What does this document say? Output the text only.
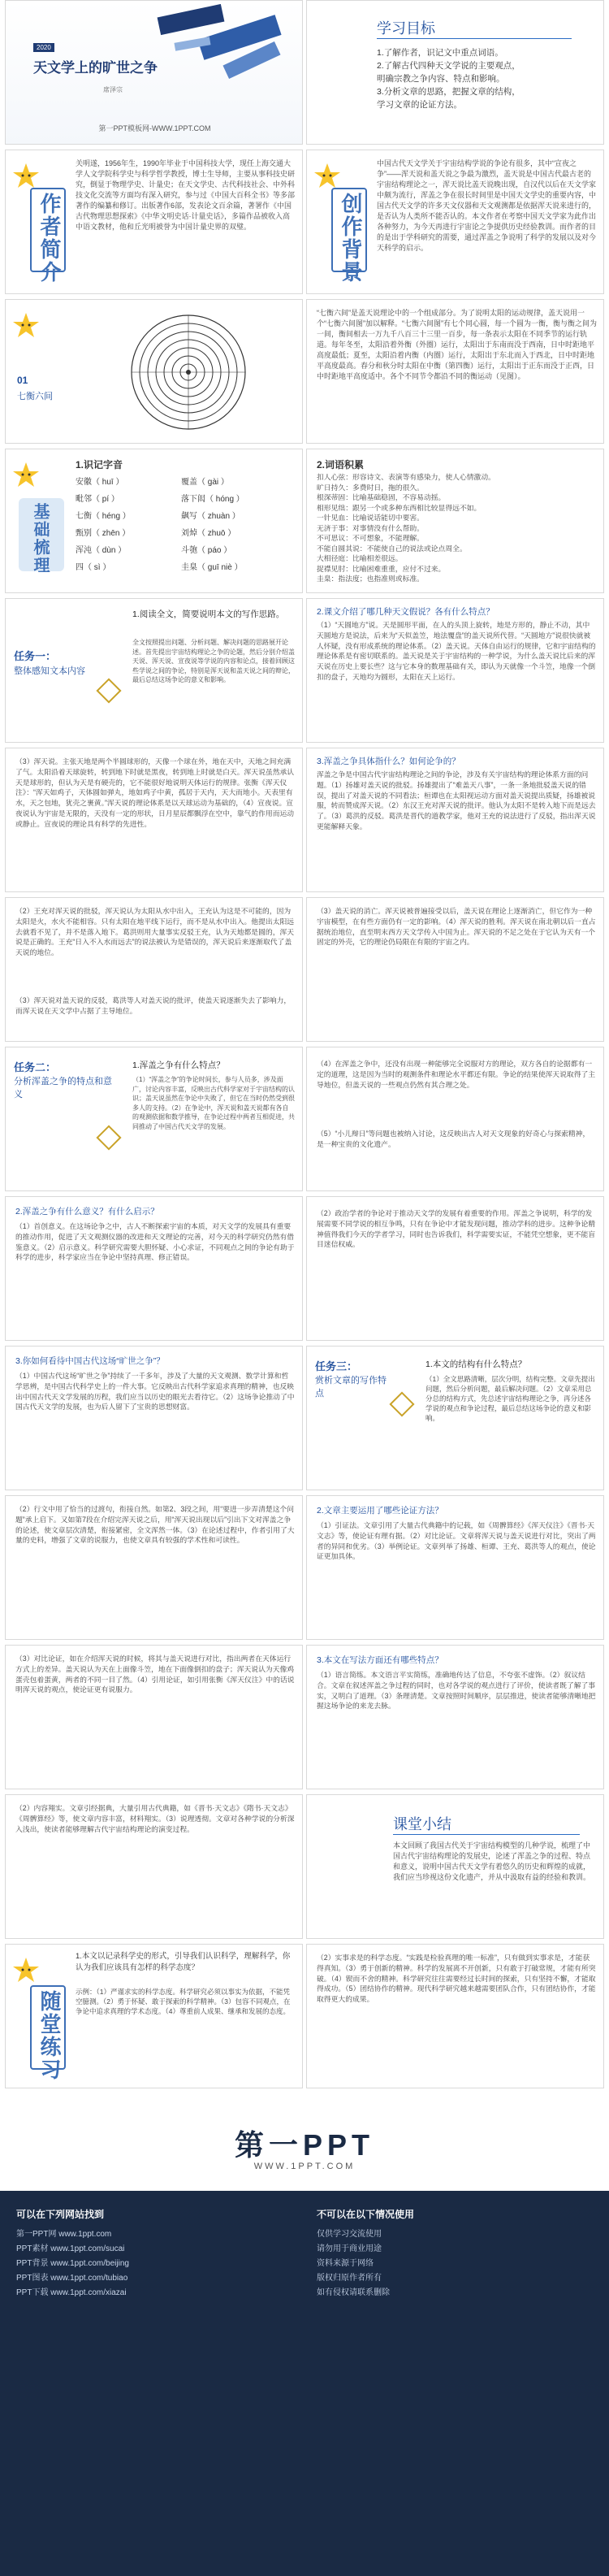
2020
天文学上的旷世之争
席泽宗
第一PPT模板网-WWW.1PPT.COM
学习目标
1.了解作者，识记文中重点词语。
2.了解古代四种天文学说的主要观点，
明确宗教之争内容、特点和影响。
3.分析文章的思路，把握文章的结构，
学习文章的论证方法。
作者简介
关明遂，1956年生，1990年毕业于中国科技大学，现任上海交通大学人文学院科学史与科学哲学教授，博士生导师，主要从事科技史研究，倒显于物理学史、计量史；在天文学史、古代科技社会、中外科技文化交流等方面均有深入研究，参与过《中国大百科全书》等多部著作的编纂和修订。出版著作6部，发表论文百余篇，著署作《中国古代物理思想探索》《中华文明史话·计量史话》，多篇作品被收入高中语文教材，他和丘光明被誉为中国计量史界的双璧。	创作背景
中国古代天文学关于宇宙结构学说的争论有很多，其中“宣夜之争”——浑天说和盖天说之争最为激烈，盖天说是中国古代最古老的宇宙结构理论之一，浑天说比盖天说晚出现，自汉代以后在天文学家中颇为流行，浑盖之争在很长时间里是中国天文学史的重要内容，中国古代天文学的许多天文仪器和天文观测都是依据浑天说来进行的，是否认为人类所不能否认的。本文作者在考察中国天文学家为此作出各种努力，为今天再进行宇宙论之争提供历史经验教训。而作者的目的是出于学科研究的需要，通过浑盖之争说明了科学的发展以及对今天科学的启示。
01
七衡六间
“七衡六间”是盖天说理论中的一个组成部分。为了说明太阳的运动规律，盖天说用一个“七衡六间图”加以解释。“七衡六间图”有七个同心圆，每一个圆为一衡，衡与衡之间为一间，衡间相去一万九千八百三十三里一百步，每一条表示太阳在不同季节的运行轨道。每年冬至，太阳沿着外衡（外圈）运行，太阳出于东南而没于西南，日中时距地平高度最低；夏至，太阳沿着内衡（内圈）运行，太阳出于东北而入于西北，日中时距地平高度最高。春分和秋分时太阳在中衡（第四衡）运行，太阳出于正东而没于正西，日中时距地平高度适中。各个不同节令都沿不同的衡运动（见图）。
基础梳理
1.识记字音
安徽（ huī ）	覆盖（ gài ）
毗邻（ pí ）	落下闳（ hóng ）
七衡（ héng ）	飙写（ zhuàn ）
甄别（ zhēn ）	刘焯（ zhuō ）
浑沌（ dùn ）	斗匏（ páo ）
四（ sì ）	圭臬（ guī niè ）
2.词语积累
扣人心弦：形容诗文、表演等有感染力，使人心情激动。
旷日持久：多费时日，拖的很久。
根深蒂固：比喻基础稳固，不容易动摇。
相形见绌：跟另一个或多种东西相比较显得远不如。
一针见血：比喻说话能切中要害。
无济于事：对事情没有什么帮助。
不可思议：不可想象，不能理解。
不能自圆其说：不能使自己的说法或论点周全。
大相径庭：比喻相差很远。
捉襟见肘：比喻困难重重，应付不过来。
圭臬：指法度；也指准则或标准。
任务一：
整体感知文本内容
1.阅读全文，简要说明本文的写作思路。
全文按照提出问题、分析问题、解决问题的思路展开论述。首先提出宇宙结构理论之争的论题，然后分别介绍盖天说、浑天说、宣夜说等学说的内容和论点，接着回顾这些学说之间的争论，特别是浑天说和盖天说之间的辩论，最后总结这场争论的意义和影响。
2.课文介绍了哪几种天文假说？各有什么特点？
（1）“天圆地方”说。天是圆形平面，在人的头顶上旋转，地是方形的，静止不动，其中天圆地方是说法，后来为“天似盖笠，地法覆盘”的盖天说所代替。“天圆地方”说很快就被人怀疑，没有形成系统的理论体系。（2）盖天说。天体自由运行的规律，它和宇宙结构的理论体系是有密切联系的。盖天说是关于宇宙结构的一种学说，为什么盖天说比后来的浑天说在历史上要长些？这与它本身的数理基础有关，即认为天就像一个斗笠，地像一个倒扣的盘子，天地均为圆形，太阳在天上运行。
（3）浑天说。主张天地是两个半圆球形的，天像一个球在外，地在天中，天地之间充满了气。太阳沿着天球旋转，转到地下时就是黑夜，转到地上时就是白天。浑天说虽然承认天是球形的，但认为天是有硬壳的，它不能很好地说明天体运行的规律。张衡《浑天仪注》：“浑天如鸡子，天体圆如弹丸，地如鸡子中黄，孤居于天内，天大而地小。天表里有水，天之包地，犹壳之裹黄。”浑天说的理论体系是以天球运动为基础的，（4）宣夜说。宣夜说认为宇宙是无限的，天没有一定的形状，日月星辰都飘浮在空中，靠气的作用而运动或静止。宣夜说的理论具有科学的先进性。
3.浑盖之争具体指什么？如何论争的？
浑盖之争是中国古代宇宙结构理论之间的争论，涉及有关宇宙结构的理论体系方面的问题。（1）扬雄对盖天说的批驳。扬雄提出了“难盖天八事”，一条一条地批驳盖天说的错误，提出了对盖天说的不同看法；桓谭也在太阳视运动方面对盖天说提出质疑，扬雄被说服，转而赞成浑天说。（2）东汉王充对浑天说的批评。他认为太阳不是转入地下而是远去了。（3）葛洪的反驳。葛洪是晋代的道教学家，他对王充的说法进行了反驳，指出浑天说更能解释天象。
（2）王充对浑天说的批驳，浑天说认为太阳从水中出入，王充认为这是不可能的，因为太阳是火，水火不能相容。只有太阳在地平线下运行，而不是从水中出入。他提出太阳远去就看不见了，并不是落入地下。葛洪则用大量事实反驳王充，认为天地都是圆的，浑天说是正确的。王充“日入不入水而远去”的说法被认为是错误的，浑天说后来逐渐取代了盖天说的地位。
（3）浑天说对盖天说的反驳，葛洪等人对盖天说的批评，使盖天说逐渐失去了影响力，而浑天说在天文学中占据了主导地位。
（3）盖天说的消亡。浑天说被普遍接受以后，盖天说在理论上逐渐消亡，但它作为一种宇宙模型，在有些方面仍有一定的影响。（4）浑天说的胜利。浑天说在南北朝以后一直占据统治地位，直至明末西方天文学传入中国为止。浑天说的不足之处在于它认为天有一个固定的外壳，它的理论仍局限在有限的宇宙之内。
任务二：
分析浑盖之争的特点和意义
1.浑盖之争有什么特点？
（1）“浑盖之争”的争论时间长，参与人员多，涉及面广，讨论内容丰富，反映出古代科学家对于宇宙结构的认识；盖天说虽然在争论中失败了，但它在当时仍然受到很多人的支持。（2）在争论中，浑天说和盖天说都有各自的观测依据和数学推导，在争论过程中两者互相促进，共同推动了中国古代天文学的发展。
（4）在浑盖之争中，还没有出现一种能够完全说服对方的理论，双方各自的论据都有一定的道理，这是因为当时的观测条件和理论水平都还有限。争论的结果使浑天说取得了主导地位，但盖天说的一些观点仍然有其合理之处。
（5）“小儿辩日”等问题也被纳入讨论，这反映出古人对天文现象的好奇心与探索精神，是一种宝贵的文化遗产。
2.浑盖之争有什么意义？有什么启示？
（1）首创意义。在这场论争之中，古人不断探索宇宙的本质，对天文学的发展具有重要的推动作用，促进了天文观测仪器的改进和天文理论的完善，对今天的科学研究仍然有借鉴意义。（2）启示意义。科学研究需要大胆怀疑、小心求证，不同观点之间的争论有助于科学的进步，科学家应当在争论中坚持真理、修正错误。
（2）政治学者的争论对于推动天文学的发展有着重要的作用。浑盖之争说明，科学的发展需要不同学说的相互争鸣，只有在争论中才能发现问题，推动学科的进步。这种争论精神值得我们今天的学者学习，同时也告诉我们，科学需要实证，不能凭空想象，更不能盲目迷信权威。
3.你如何看待中国古代这场“旷世之争”？
（1）中国古代这场“旷世之争”持续了一千多年，涉及了大量的天文观测、数学计算和哲学思辨，是中国古代科学史上的一件大事。它反映出古代科学家追求真理的精神，也反映出中国古代天文学发展的历程，我们应当以历史的眼光去看待它。（2）这场争论推动了中国古代天文学的发展，也为后人留下了宝贵的思想财富。
任务三：
赏析文章的写作特点
1.本文的结构有什么特点？
（1）全文思路清晰，层次分明，结构完整。文章先提出问题，然后分析问题，最后解决问题。（2）文章采用总分总的结构方式，先总述宇宙结构理论之争，再分述各学说的观点和争论过程，最后总结这场争论的意义和影响。
（2）行文中用了恰当的过渡句，衔接自然。如第2、3段之间，用“要进一步弄清楚这个问题”承上启下。又如第7段在介绍完浑天说之后，用“浑天说出现以后”引出下文对浑盖之争的论述，使文章层次清楚，衔接紧密，全文浑然一体。（3）在论述过程中，作者引用了大量的史料，增强了文章的说服力，也使文章具有较强的学术性和可读性。
2.文章主要运用了哪些论证方法？
（1）引证法。文章引用了大量古代典籍中的记载，如《周髀算经》《浑天仪注》《晋书·天文志》等，使论证有理有据。（2）对比论证。文章将浑天说与盖天说进行对比，突出了两者的异同和优劣。（3）举例论证。文章列举了扬雄、桓谭、王充、葛洪等人的观点，使论证更加具体。
（3）对比论证，如在介绍浑天说的时候，将其与盖天说进行对比，指出两者在天体运行方式上的差异。盖天说认为天在上面像斗笠，地在下面像倒扣的盘子；浑天说认为天像鸡蛋壳包着蛋黄，两者的不同一目了然。（4）引用论证，如引用张衡《浑天仪注》中的话说明浑天说的观点，使论证更有说服力。
3.本文在写法方面还有哪些特点？
（1）语言简练。本文语言平实简练，准确地传达了信息，不夸张不虚饰。（2）叙议结合。文章在叙述浑盖之争过程的同时，也对各学说的观点进行了评价，使读者既了解了事实，又明白了道理。（3）条理清楚。文章按照时间顺序，层层推进，使读者能够清晰地把握这场争论的来龙去脉。
（2）内容翔实。文章引经据典，大量引用古代典籍，如《晋书·天文志》《隋书·天文志》《周髀算经》等，使文章内容丰富，材料翔实。（3）说理透彻。文章对各种学说的分析深入浅出，使读者能够理解古代宇宙结构理论的演变过程。	课堂小结
本文回顾了我国古代关于宇宙结构模型的几种学说，梳理了中国古代宇宙结构理论的发展史，论述了浑盖之争的过程、特点和意义，说明中国古代天文学有着悠久的历史和辉煌的成就，我们应当珍视这份文化遗产，并从中汲取有益的经验和教训。
随堂练习
1.本文以记录科学史的形式，引导我们认识科学，理解科学，你认为我们应该具有怎样的科学态度？
示例：（1）严谨求实的科学态度。科学研究必须以事实为依据，不能凭空臆测。（2）勇于怀疑、敢于探索的科学精神。（3）包容不同观点，在争论中追求真理的学术态度。（4）尊重前人成果、继承和发展的态度。
（2）实事求是的科学态度。“实践是检验真理的唯一标准”，只有做到实事求是，才能获得真知。（3）勇于创新的精神。科学的发展离不开创新，只有敢于打破常规，才能有所突破。（4）锲而不舍的精神。科学研究往往需要经过长时间的探索，只有坚持不懈，才能取得成功。（5）团结协作的精神。现代科学研究越来越需要团队合作，只有团结协作，才能取得更大的成果。
第一PPT
WWW.1PPT.COM
可以在下列网站找到
第一PPT网 www.1ppt.com
PPT素材 www.1ppt.com/sucai
PPT背景 www.1ppt.com/beijing
PPT图表 www.1ppt.com/tubiao
PPT下载 www.1ppt.com/xiazai
不可以在以下情况使用
仅供学习交流使用
请勿用于商业用途
资料来源于网络
版权归原作者所有
如有侵权请联系删除
